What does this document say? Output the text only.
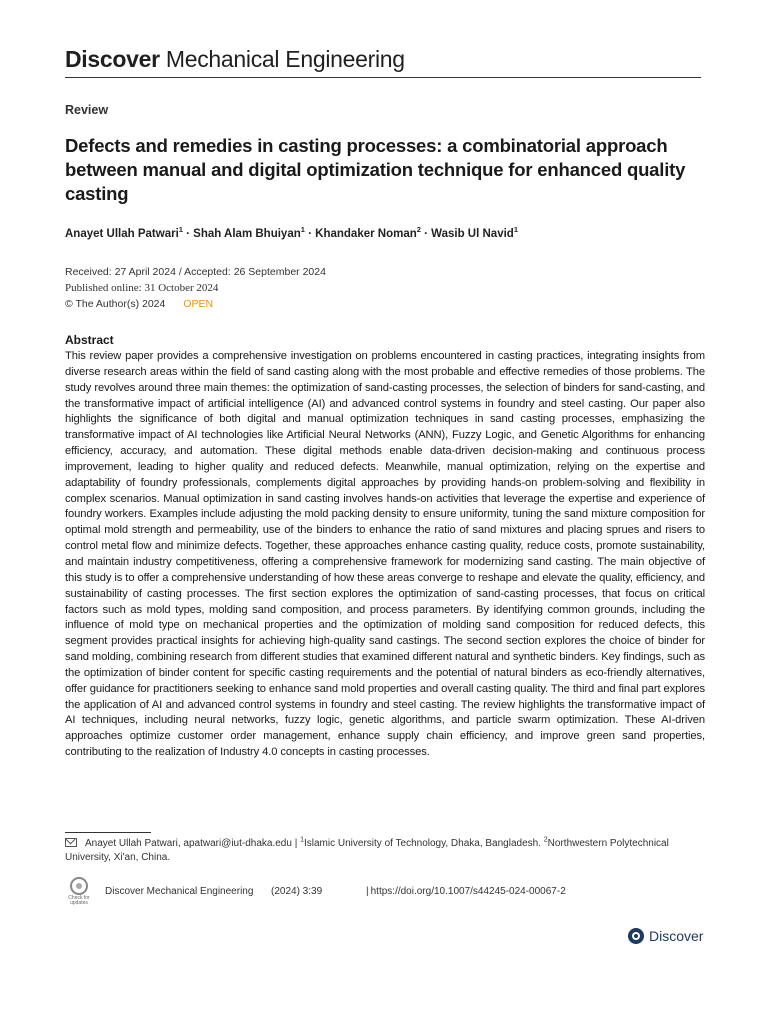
Discover Mechanical Engineering
Review
Defects and remedies in casting processes: a combinatorial approach between manual and digital optimization technique for enhanced quality casting
Anayet Ullah Patwari$^1$ · Shah Alam Bhuiyan$^1$ · Khandaker Noman$^2$ · Wasib Ul Navid$^1$
Received: 27 April 2024 / Accepted: 26 September 2024
Published online: 31 October 2024
© The Author(s) 2024 OPEN
Abstract
This review paper provides a comprehensive investigation on problems encountered in casting practices, integrating insights from diverse research areas within the field of sand casting along with the most probable and effective remedies of those problems. The study revolves around three main themes: the optimization of sand-casting processes, the selection of binders for sand-casting, and the transformative impact of artificial intelligence (AI) and advanced control systems in foundry and steel casting. Our paper also highlights the significance of both digital and manual optimization techniques in sand casting processes, emphasizing the transformative impact of AI technologies like Artificial Neural Networks (ANN), Fuzzy Logic, and Genetic Algorithms for enhancing efficiency, accuracy, and automation. These digital methods enable data-driven decision-making and continuous process improvement, leading to higher quality and reduced defects. Meanwhile, manual optimization, relying on the expertise and adaptability of foundry professionals, complements digital approaches by providing hands-on problem-solving and flexibility in complex scenarios. Manual optimization in sand casting involves hands-on activities that leverage the expertise and experience of foundry workers. Examples include adjusting the mold packing density to ensure uniformity, tuning the sand mixture composition for optimal mold strength and permeability, use of the binders to enhance the ratio of sand mixtures and placing sprues and risers to control metal flow and minimize defects. Together, these approaches enhance casting quality, reduce costs, promote sustainability, and maintain industry competitiveness, offering a comprehensive framework for modernizing sand casting. The main objective of this study is to offer a comprehensive understanding of how these areas converge to reshape and elevate the quality, efficiency, and sustainability of casting processes. The first section explores the optimization of sand-casting processes, that focus on critical factors such as mold types, molding sand composition, and process parameters. By identifying common grounds, including the influence of mold type on mechanical properties and the optimization of molding sand composition for reduced defects, this segment provides practical insights for achieving high-quality sand castings. The second section explores the choice of binder for sand molding, combining research from different studies that examined different natural and synthetic binders. Key findings, such as the optimization of binder content for specific casting requirements and the potential of natural binders as eco-friendly alternatives, offer guidance for practitioners seeking to enhance sand mold properties and overall casting quality. The third and final part explores the application of AI and advanced control systems in foundry and steel casting. The review highlights the transformative impact of AI techniques, including neural networks, fuzzy logic, genetic algorithms, and particle swarm optimization. These AI-driven approaches optimize customer order management, enhance supply chain efficiency, and improve green sand properties, contributing to the realization of Industry 4.0 concepts in casting processes.
Anayet Ullah Patwari, apatwari@iut-dhaka.edu | $^1$Islamic University of Technology, Dhaka, Bangladesh. $^2$Northwestern Polytechnical University, Xi'an, China.
Check for updates
Discover Mechanical Engineering (2024) 3:39	| https://doi.org/10.1007/s44245-024-00067-2
Discover
